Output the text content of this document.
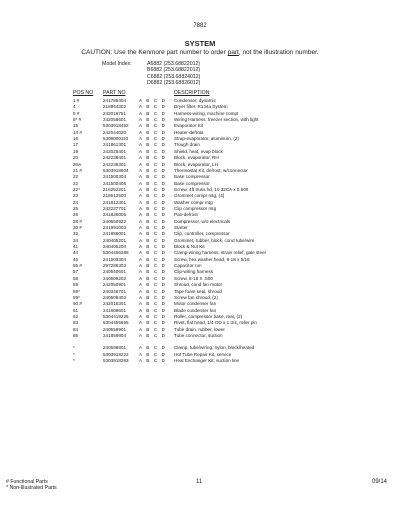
7882
SYSTEM
CAUTION: Use the Kenmore part number to order part, not the illustration number.
Model Index:	A6882 (253.68822012)
B6882 (253.68822012)
C6882 (253.68824012)
D6882 (253.68826012)
POS NO PART NO	DESCRIPTION
1 #	241785404	A B C D Condenser, dynamic
4	218944302	A B C D Dryer filter, R134a System
5 #	242016751	A B C D Harness-wiring, machine compt
6* #	242056601	A B C D Wiring Harness, freezer section, with light
15	5303918492 A B C D Evaporator Kit
14 #	242044020	A B C D Heater-defrost
16	5308000110 A B C D Strap-evaporator, aluminum, (2)
17	241861301	A B C D Trough drain
19	242025401	A B C D Shield, heat, evap block
20	242236401	A B C D Block, evaporator, RH
20A	242236301	A B C D Block, evaporator, LH
21 #	5303918604 A B C D Thermostat Kit, defrost, w/connector
22	241500304	A B C D Base compressor
22	241500405	A B C D Base compressor
22*	216252201	A B C D Screw, 4ft truss hd, 10 32CA x 0.500
23	218612500	A B C D Grommet compr mtg, (4)
24	241812301	A B C D Washer compr mtg
25	242227701	A B C D Clip compressor mtg
26	241826005	A B C D Pan-defrost
28 #	240550922	A B C D Compressor, w/o electricals
30 #	241991003	A B C D Starter
32	241986001	A B C D Clip, controller, compressor
34	240405201	A B C D Grommet, rubber, block, cond tube/wire
41	240405204	A B C D Block & Nut Kit
44	5304456288 A B C D Clamp-wiring harness, strain relief, gale steel
45	241500304	A B C D Screw, hex washer head, 8-18 x 5/16
55 #	297286303	A B C D Capacitor run
57	240540601	A B C D Clip-wiring harness
58	240509202	A B C D Screw, 8-18 X .500
59	242050901	A B C D Shroud, cond fan motor
59*	240346701	A B C D Tape foam seal, shroud
59*	240508403	A B C D Screw fan shroud, (2)
60 #	242018301	A B C D Motor condenser fan
61	241608601	A B C D Blade condenser fan
62	5304419225 A B C D Roller, compressor base, rear, (2)
83	5304455655 A B C D Rivet, flat head, 1/4 OD x 1 3/4, roller pin
84	240559901	A B C D Tube drain, rubber, lower
85	241859904	A B C D Tube connector, suction
*	240596801	A B C D Clamp, tube/wiring, nylon, block/heated
*	5303918222 A B C D Hot Tube Repair Kit, service
*	5303918263 A B C D Heat Exchanger Kit, suction line
# Functional Parts
* Non-Illustrated Parts
11	09/14
